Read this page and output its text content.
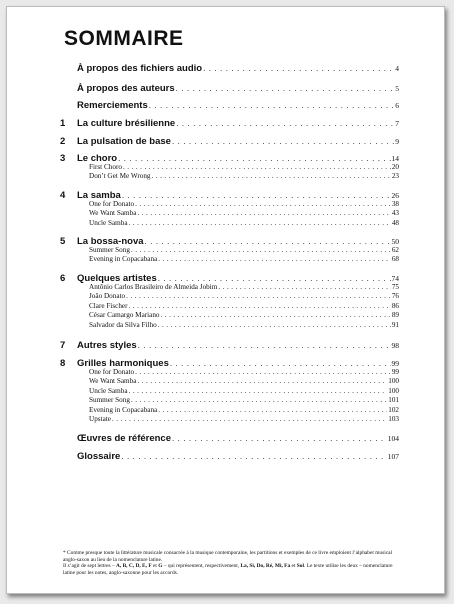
SOMMAIRE
À propos des fichiers audio . . .	4
À propos des auteurs . . .	5
Remerciements . . .	6
1	La culture brésilienne . . .	7
2	La pulsation de base . . .	9
3	Le choro . . .	14
First Choro . . .	20
Don’t Get Me Wrong . . .	23
4	La samba . . .	26
One for Donato . . .	38
We Want Samba . . .	43
Uncle Samba . . .	48
5	La bossa-nova . . .	50
Summer Song . . .	62
Evening in Copacabana . . .	68
6	Quelques artistes . . .	74
Antônio Carlos Brasileiro de Almeida Jobim . . .	75
João Donato . . .	76
Clare Fischer . . .	86
César Camargo Mariano . . .	89
Salvador da Silva Filho . . .	91
7	Autres styles . . .	98
8	Grilles harmoniques . . .	99
One for Donato . . .	99
We Want Samba . . .	100
Uncle Samba . . .	100
Summer Song . . .	101
Evening in Copacabana . . .	102
Upstate . . .	103
Œuvres de référence . . .	104
Glossaire . . .	107
* Comme presque toute la littérature musicale consacrée à la musique contemporaine, les partitions et exemples de ce livre emploient l’alphabet musical anglo-saxon au lieu de la nomenclature latine.
Il s’agit de sept lettres – A, B, C, D, E, F et G – qui représentent, respectivement, La, Si, Do, Ré, Mi, Fa et Sol. Le texte utilise les deux – nomenclature latine pour les notes, anglo-saxonne pour les accords.
